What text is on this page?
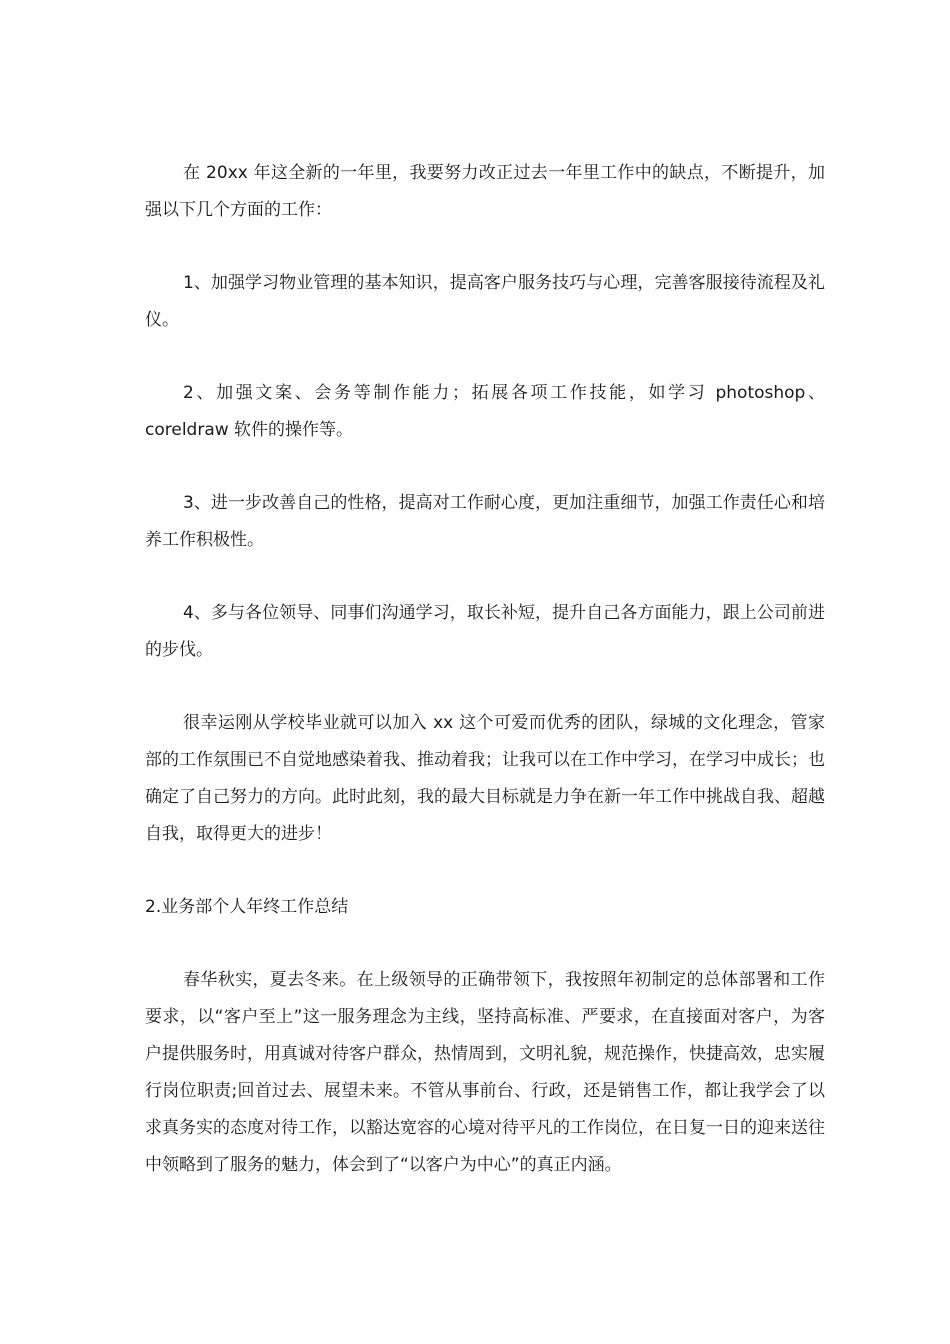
在 20xx 年这全新的一年里，我要努力改正过去一年里工作中的缺点，不断提升，加强以下几个方面的工作：

1、加强学习物业管理的基本知识，提高客户服务技巧与心理，完善客服接待流程及礼仪。

2、加强文案、会务等制作能力；拓展各项工作技能，如学习 photoshop、coreldraw 软件的操作等。

3、进一步改善自己的性格，提高对工作耐心度，更加注重细节，加强工作责任心和培养工作积极性。

4、多与各位领导、同事们沟通学习，取长补短，提升自己各方面能力，跟上公司前进的步伐。

很幸运刚从学校毕业就可以加入 xx 这个可爱而优秀的团队，绿城的文化理念，管家部的工作氛围已不自觉地感染着我、推动着我；让我可以在工作中学习，在学习中成长；也确定了自己努力的方向。此时此刻，我的最大目标就是力争在新一年工作中挑战自我、超越自我，取得更大的进步！

2.业务部个人年终工作总结

春华秋实，夏去冬来。在上级领导的正确带领下，我按照年初制定的总体部署和工作要求，以“客户至上”这一服务理念为主线，坚持高标准、严要求，在直接面对客户，为客户提供服务时，用真诚对待客户群众，热情周到，文明礼貌，规范操作，快捷高效，忠实履行岗位职责;回首过去、展望未来。不管从事前台、行政，还是销售工作，都让我学会了以求真务实的态度对待工作，以豁达宽容的心境对待平凡的工作岗位，在日复一日的迎来送往中领略到了服务的魅力，体会到了“以客户为中心”的真正内涵。
